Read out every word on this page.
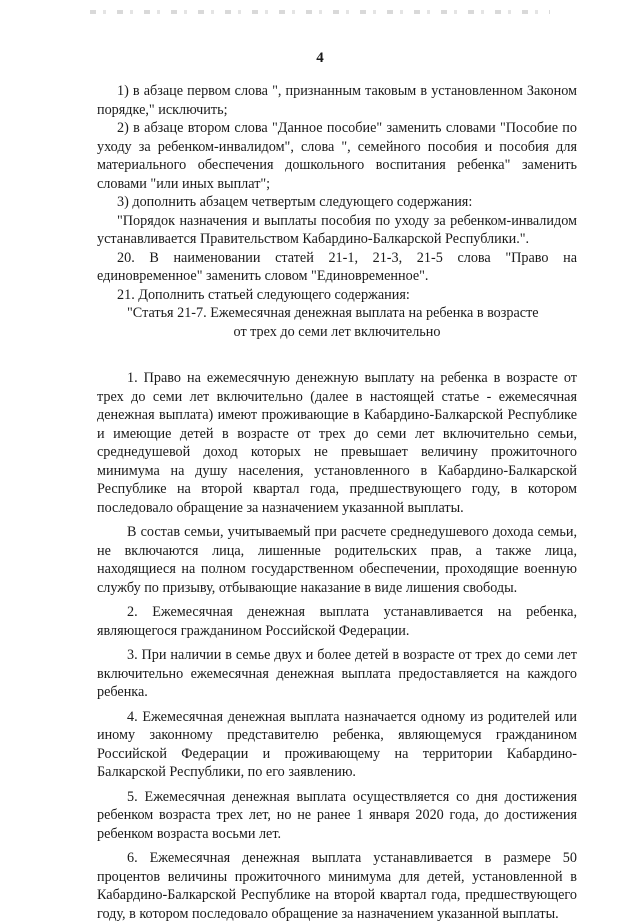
4

1) в абзаце первом слова ", признанным таковым в установленном Законом порядке," исключить;

2) в абзаце втором слова "Данное пособие" заменить словами "Пособие по уходу за ребенком-инвалидом", слова ", семейного пособия и пособия для материального обеспечения дошкольного воспитания ребенка" заменить словами "или иных выплат";

3) дополнить абзацем четвертым следующего содержания:

"Порядок назначения и выплаты пособия по уходу за ребенком-инвалидом устанавливается Правительством Кабардино-Балкарской Республики.".

20. В наименовании статей 21-1, 21-3, 21-5 слова "Право на единовременное" заменить словом "Единовременное".

21. Дополнить статьей следующего содержания:

"Статья 21-7. Ежемесячная денежная выплата на ребенка в возрасте
от трех до семи лет включительно

1. Право на ежемесячную денежную выплату на ребенка в возрасте от трех до семи лет включительно (далее в настоящей статье - ежемесячная денежная выплата) имеют проживающие в Кабардино-Балкарской Республике и имеющие детей в возрасте от трех до семи лет включительно семьи, среднедушевой доход которых не превышает величину прожиточного минимума на душу населения, установленного в Кабардино-Балкарской Республике на второй квартал года, предшествующего году, в котором последовало обращение за назначением указанной выплаты.

В состав семьи, учитываемый при расчете среднедушевого дохода семьи, не включаются лица, лишенные родительских прав, а также лица, находящиеся на полном государственном обеспечении, проходящие военную службу по призыву, отбывающие наказание в виде лишения свободы.

2. Ежемесячная денежная выплата устанавливается на ребенка, являющегося гражданином Российской Федерации.

3. При наличии в семье двух и более детей в возрасте от трех до семи лет включительно ежемесячная денежная выплата предоставляется на каждого ребенка.

4. Ежемесячная денежная выплата назначается одному из родителей или иному законному представителю ребенка, являющемуся гражданином Российской Федерации и проживающему на территории Кабардино-Балкарской Республики, по его заявлению.

5. Ежемесячная денежная выплата осуществляется со дня достижения ребенком возраста трех лет, но не ранее 1 января 2020 года, до достижения ребенком возраста восьми лет.

6. Ежемесячная денежная выплата устанавливается в размере 50 процентов величины прожиточного минимума для детей, установленной в Кабардино-Балкарской Республике на второй квартал года, предшествующего году, в котором последовало обращение за назначением указанной выплаты.
